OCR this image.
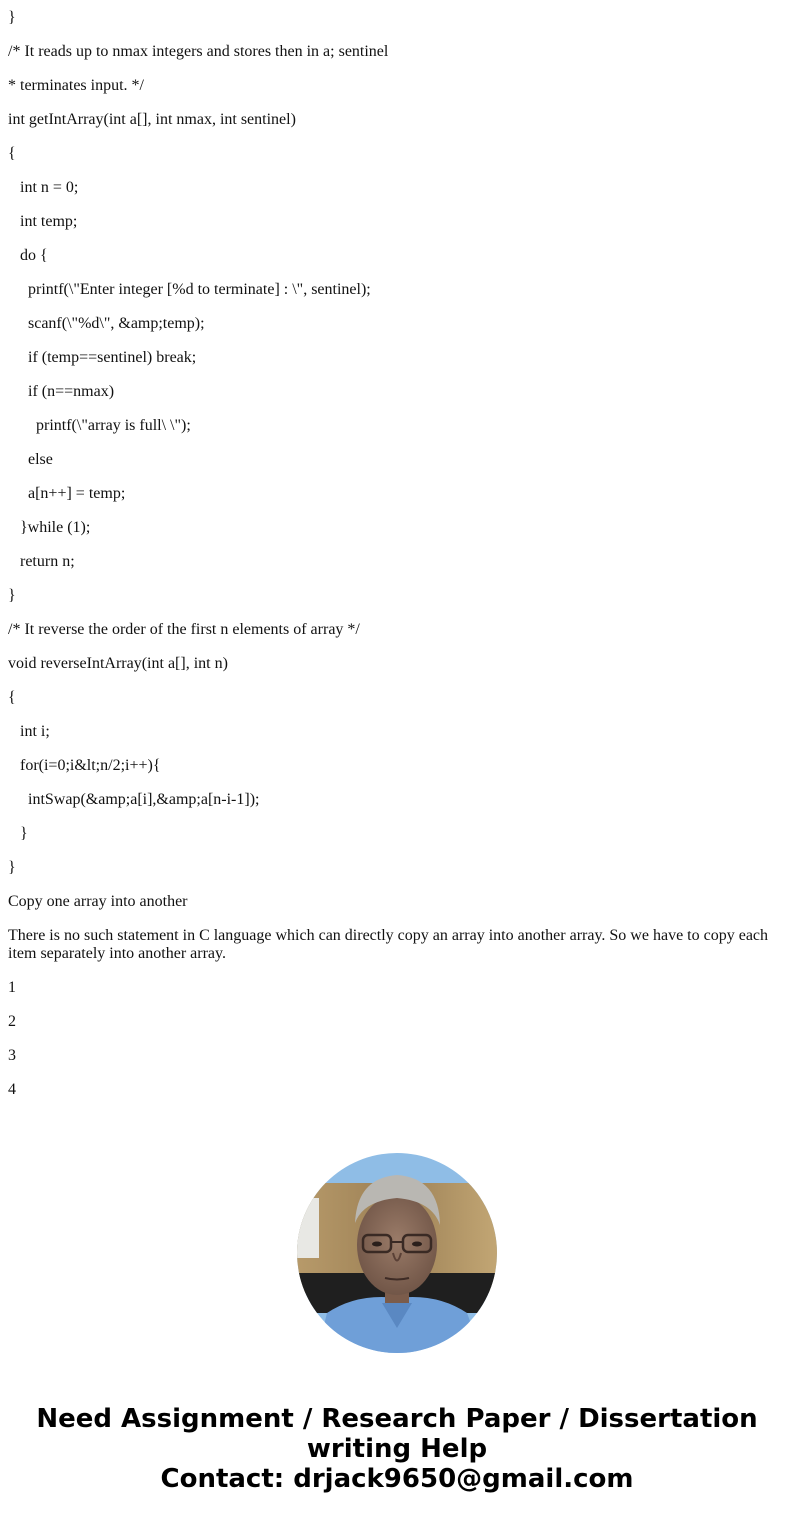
}

/* It reads up to nmax integers and stores then in a; sentinel

* terminates input. */

int getIntArray(int a[], int nmax, int sentinel)

{

int n = 0;

int temp;

do {

printf(\"Enter integer [%d to terminate] : \", sentinel);

scanf(\"%d\", &amp;temp);

if (temp==sentinel) break;

if (n==nmax)

printf(\"array is full\ \");

else

a[n++] = temp;

}while (1);

return n;

}

/* It reverse the order of the first n elements of array */

void reverseIntArray(int a[], int n)

{

int i;

for(i=0;i&lt;n/2;i++){

intSwap(&amp;a[i],&amp;a[n-i-1]);

}

}

Copy one array into another

There is no such statement in C language which can directly copy an array into another array. So we have to copy each item separately into another array.

1

2

3

4

Need Assignment / Research Paper / Dissertation
writing Help
Contact: drjack9650@gmail.com
